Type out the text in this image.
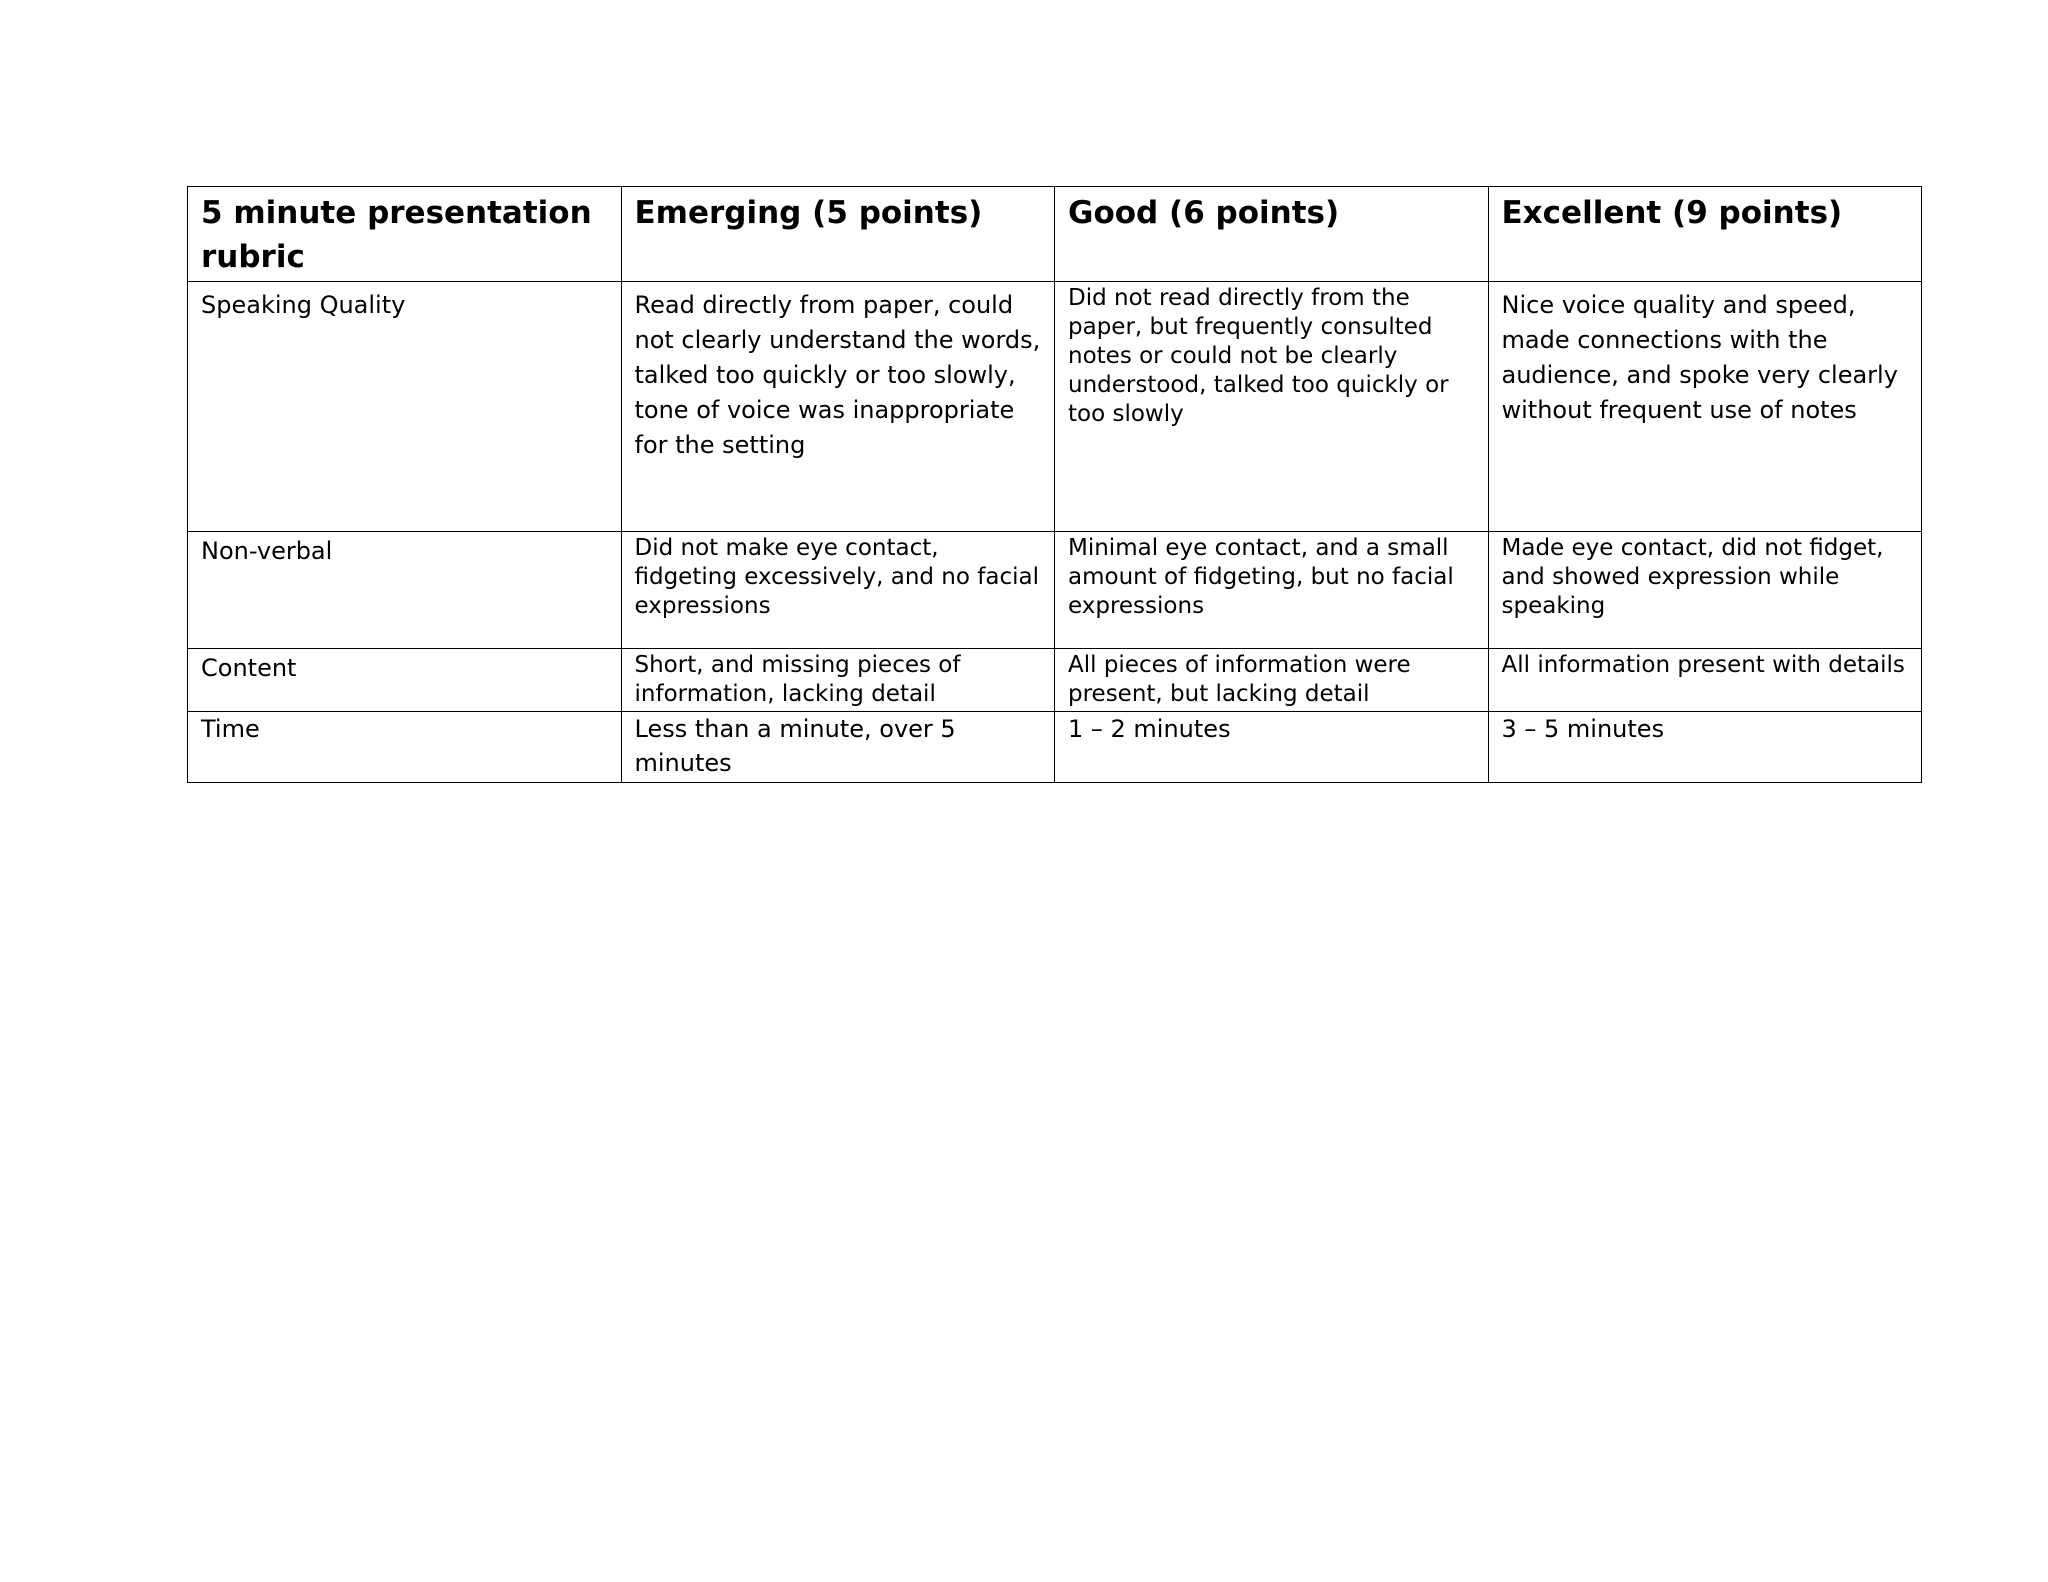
5 minute presentation rubric	Emerging (5 points)	Good (6 points)	Excellent (9 points)

Speaking Quality	Read directly from paper, could not clearly understand the words, talked too quickly or too slowly, tone of voice was inappropriate for the setting	Did not read directly from the paper, but frequently consulted notes or could not be clearly understood, talked too quickly or too slowly	Nice voice quality and speed, made connections with the audience, and spoke very clearly without frequent use of notes

Non-verbal	Did not make eye contact, fidgeting excessively, and no facial expressions	Minimal eye contact, and a small amount of fidgeting, but no facial expressions	Made eye contact, did not fidget, and showed expression while speaking

Content	Short, and missing pieces of information, lacking detail	All pieces of information were present, but lacking detail	All information present with details

Time	Less than a minute, over 5 minutes	1 – 2 minutes	3 – 5 minutes
